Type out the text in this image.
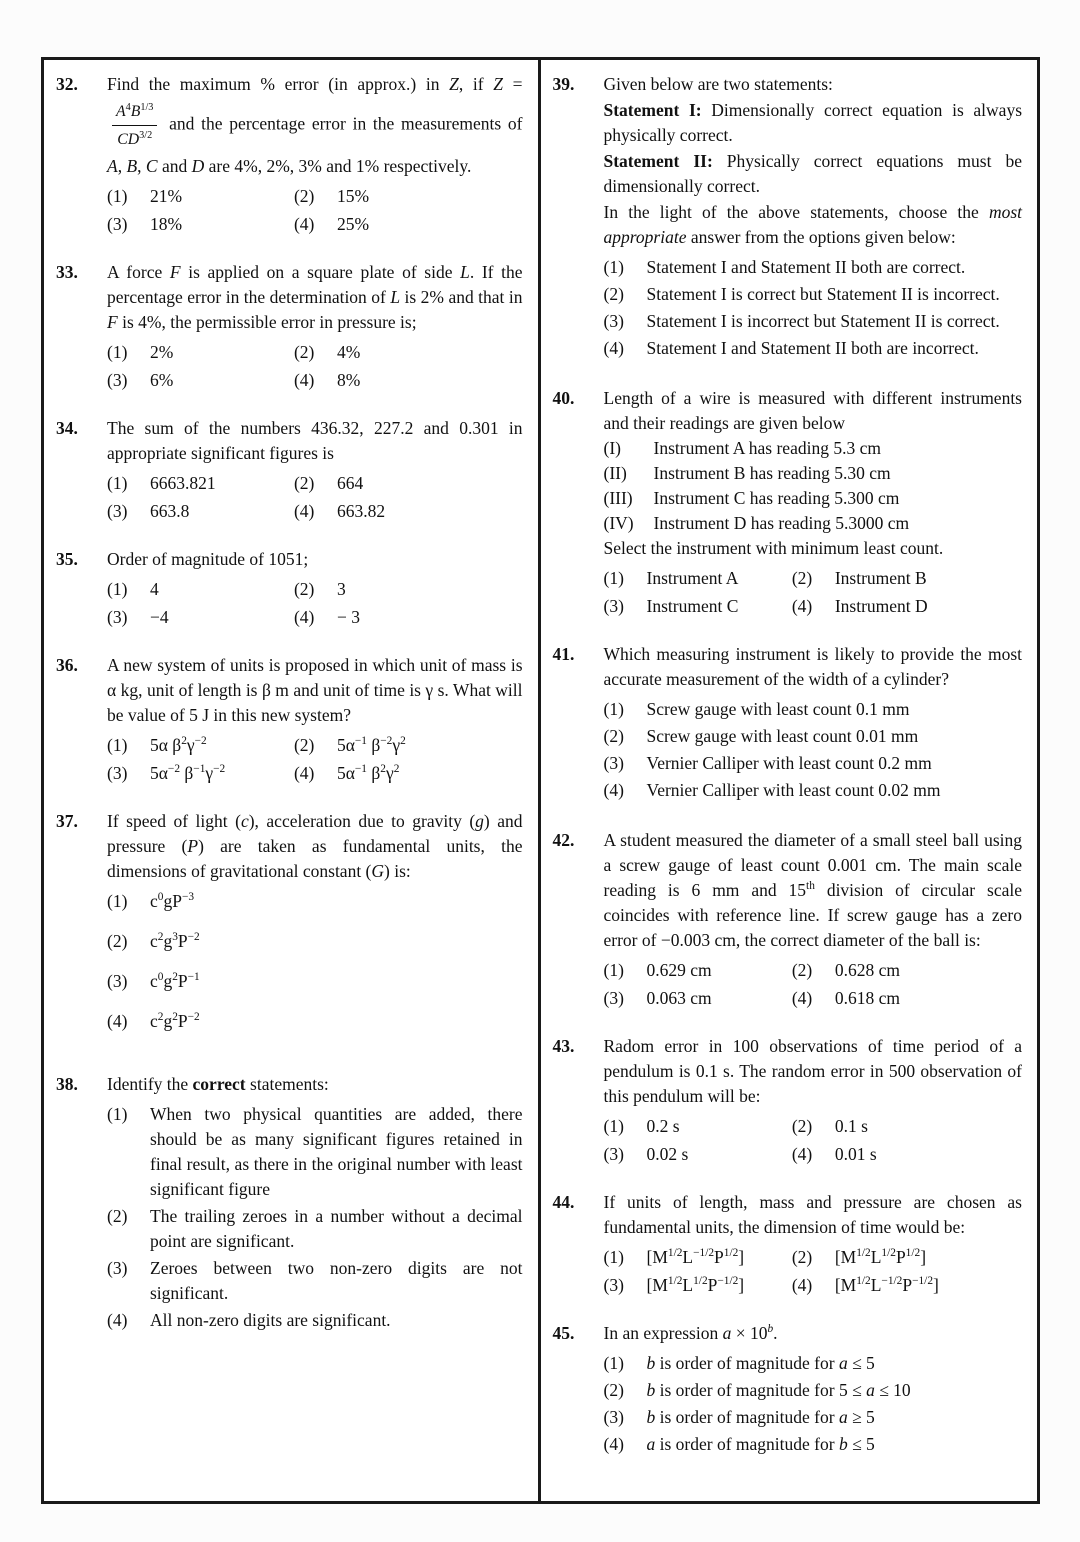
32.	Find the maximum % error (in approx.) in Z, if Z =
$\frac{A^4B^{1/3}}{CD^{3/2}}$ and the percentage error in the measurements of A, B, C and D are 4%, 2%, 3% and 1% respectively.
(1)	21%	(2)	15%
(3)	18%	(4)	25%
33.	A force F is applied on a square plate of side L. If the percentage error in the determination of L is 2% and that in F is 4%, the permissible error in pressure is;
(1)	2%	(2)	4%
(3)	6%	(4)	8%
34.	The sum of the numbers 436.32, 227.2 and 0.301 in appropriate significant figures is
(1)	6663.821	(2)	664
(3)	663.8	(4)	663.82
35.	Order of magnitude of 1051;
(1)	4	(2)	3
(3)	−4	(4)	− 3
36.	A new system of units is proposed in which unit of mass is α kg, unit of length is β m and unit of time is γ s. What will be value of 5 J in this new system?
(1)	5α $\beta^2\gamma^{-2}$	(2)	$5\alpha^{-1}$ $\beta^{-2}\gamma^2$
(3)	$5\alpha^{-2}$ $\beta^{-1}\gamma^{-2}$	(4)	$5\alpha^{-1}$ $\beta^2\gamma^2$
37.	If speed of light (c), acceleration due to gravity (g) and pressure (P) are taken as fundamental units, the dimensions of gravitational constant (G) is:
(1)	$c^0gP^{-3}$
(2)	$c^2g^3P^{-2}$
(3)	$c^0g^2P^{-1}$
(4)	$c^2g^2P^{-2}$
38.	Identify the correct statements:
(1)	When two physical quantities are added, there should be as many significant figures retained in final result, as there in the original number with least significant figure
(2)	The trailing zeroes in a number without a decimal point are significant.
(3)	Zeroes between two non-zero digits are not significant.
(4)	All non-zero digits are significant.
39.	Given below are two statements:
Statement I: Dimensionally correct equation is always physically correct.
Statement II: Physically correct equations must be dimensionally correct.
In the light of the above statements, choose the most appropriate answer from the options given below:
(1)	Statement I and Statement II both are correct.
(2)	Statement I is correct but Statement II is incorrect.
(3)	Statement I is incorrect but Statement II is correct.
(4)	Statement I and Statement II both are incorrect.
40.	Length of a wire is measured with different instruments and their readings are given below
(I)	Instrument A has reading 5.3 cm
(II)	Instrument B has reading 5.30 cm
(III)	Instrument C has reading 5.300 cm
(IV)	Instrument D has reading 5.3000 cm
Select the instrument with minimum least count.
(1)	Instrument A	(2)	Instrument B
(3)	Instrument C	(4)	Instrument D
41.	Which measuring instrument is likely to provide the most accurate measurement of the width of a cylinder?
(1)	Screw gauge with least count 0.1 mm
(2)	Screw gauge with least count 0.01 mm
(3)	Vernier Calliper with least count 0.2 mm
(4)	Vernier Calliper with least count 0.02 mm
42.	A student measured the diameter of a small steel ball using a screw gauge of least count 0.001 cm. The main scale reading is 6 mm and 15th division of circular scale coincides with reference line. If screw gauge has a zero error of −0.003 cm, the correct diameter of the ball is:
(1)	0.629 cm	(2)	0.628 cm
(3)	0.063 cm	(4)	0.618 cm
43.	Radom error in 100 observations of time period of a pendulum is 0.1 s. The random error in 500 observation of this pendulum will be:
(1)	0.2 s	(2)	0.1 s
(3)	0.02 s	(4)	0.01 s
44.	If units of length, mass and pressure are chosen as fundamental units, the dimension of time would be:
(1)	$[M^{1/2}L^{-1/2}P^{1/2}]$	(2)	$[M^{1/2}L^{1/2}P^{1/2}]$
(3)	$[M^{1/2}L^{1/2}P^{-1/2}]$	(4)	$[M^{1/2}L^{-1/2}P^{-1/2}]$
45.	In an expression $a \times 10^b$.
(1)	b is order of magnitude for a ≤ 5
(2)	b is order of magnitude for 5 ≤ a ≤ 10
(3)	b is order of magnitude for a ≥ 5
(4)	a is order of magnitude for b ≤ 5
